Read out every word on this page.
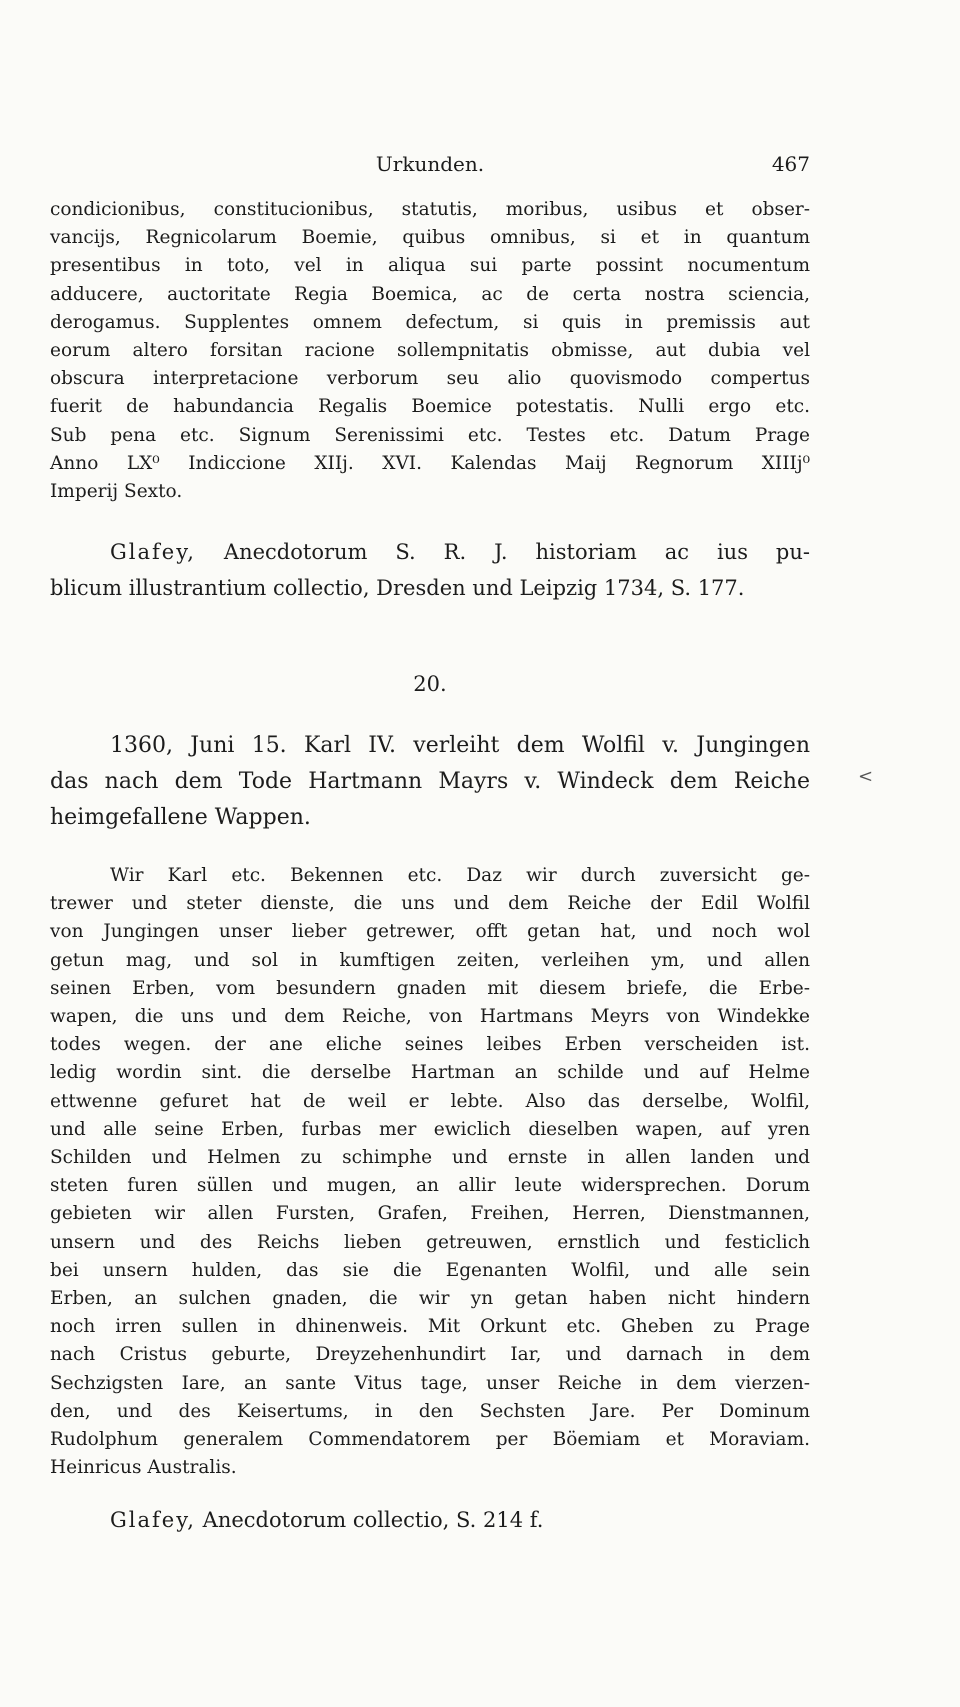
Urkunden.	467
condicionibus, constitucionibus, statutis, moribus, usibus et obser-
vancijs, Regnicolarum Boemie, quibus omnibus, si et in quantum
presentibus in toto, vel in aliqua sui parte possint nocumentum
adducere, auctoritate Regia Boemica, ac de certa nostra sciencia,
derogamus. Supplentes omnem defectum, si quis in premissis aut
eorum altero forsitan racione sollempnitatis obmisse, aut dubia vel
obscura interpretacione verborum seu alio quovismodo compertus
fuerit de habundancia Regalis Boemice potestatis. Nulli ergo etc.
Sub pena etc. Signum Serenissimi etc. Testes etc. Datum Prage
Anno LX⁰ Indiccione XIIj. XVI. Kalendas Maij Regnorum XIIIj⁰
Imperij Sexto.
Glafey, Anecdotorum S. R. J. historiam ac ius pu-
blicum illustrantium collectio, Dresden und Leipzig 1734, S. 177.
20.
1360, Juni 15. Karl IV. verleiht dem Wolfil v. Jungingen
das nach dem Tode Hartmann Mayrs v. Windeck dem Reiche
heimgefallene Wappen.
Wir Karl etc. Bekennen etc. Daz wir durch zuversicht ge-
trewer und steter dienste, die uns und dem Reiche der Edil Wolfil
von Jungingen unser lieber getrewer, offt getan hat, und noch wol
getun mag, und sol in kumftigen zeiten, verleihen ym, und allen
seinen Erben, vom besundern gnaden mit diesem briefe, die Erbe-
wapen, die uns und dem Reiche, von Hartmans Meyrs von Windekke
todes wegen. der ane eliche seines leibes Erben verscheiden ist.
ledig wordin sint. die derselbe Hartman an schilde und auf Helme
ettwenne gefuret hat de weil er lebte. Also das derselbe, Wolfil,
und alle seine Erben, furbas mer ewiclich dieselben wapen, auf yren
Schilden und Helmen zu schimphe und ernste in allen landen und
steten furen süllen und mugen, an allir leute widersprechen. Dorum
gebieten wir allen Fursten, Grafen, Freihen, Herren, Dienstmannen,
unsern und des Reichs lieben getreuwen, ernstlich und festiclich
bei unsern hulden, das sie die Egenanten Wolfil, und alle sein
Erben, an sulchen gnaden, die wir yn getan haben nicht hindern
noch irren sullen in dhinenweis. Mit Orkunt etc. Gheben zu Prage
nach Cristus geburte, Dreyzehenhundirt Iar, und darnach in dem
Sechzigsten Iare, an sante Vitus tage, unser Reiche in dem vierzen-
den, und des Keisertums, in den Sechsten Jare. Per Dominum
Rudolphum generalem Commendatorem per Böemiam et Moraviam.
Heinricus Australis.
Glafey, Anecdotorum collectio, S. 214 f.
<
